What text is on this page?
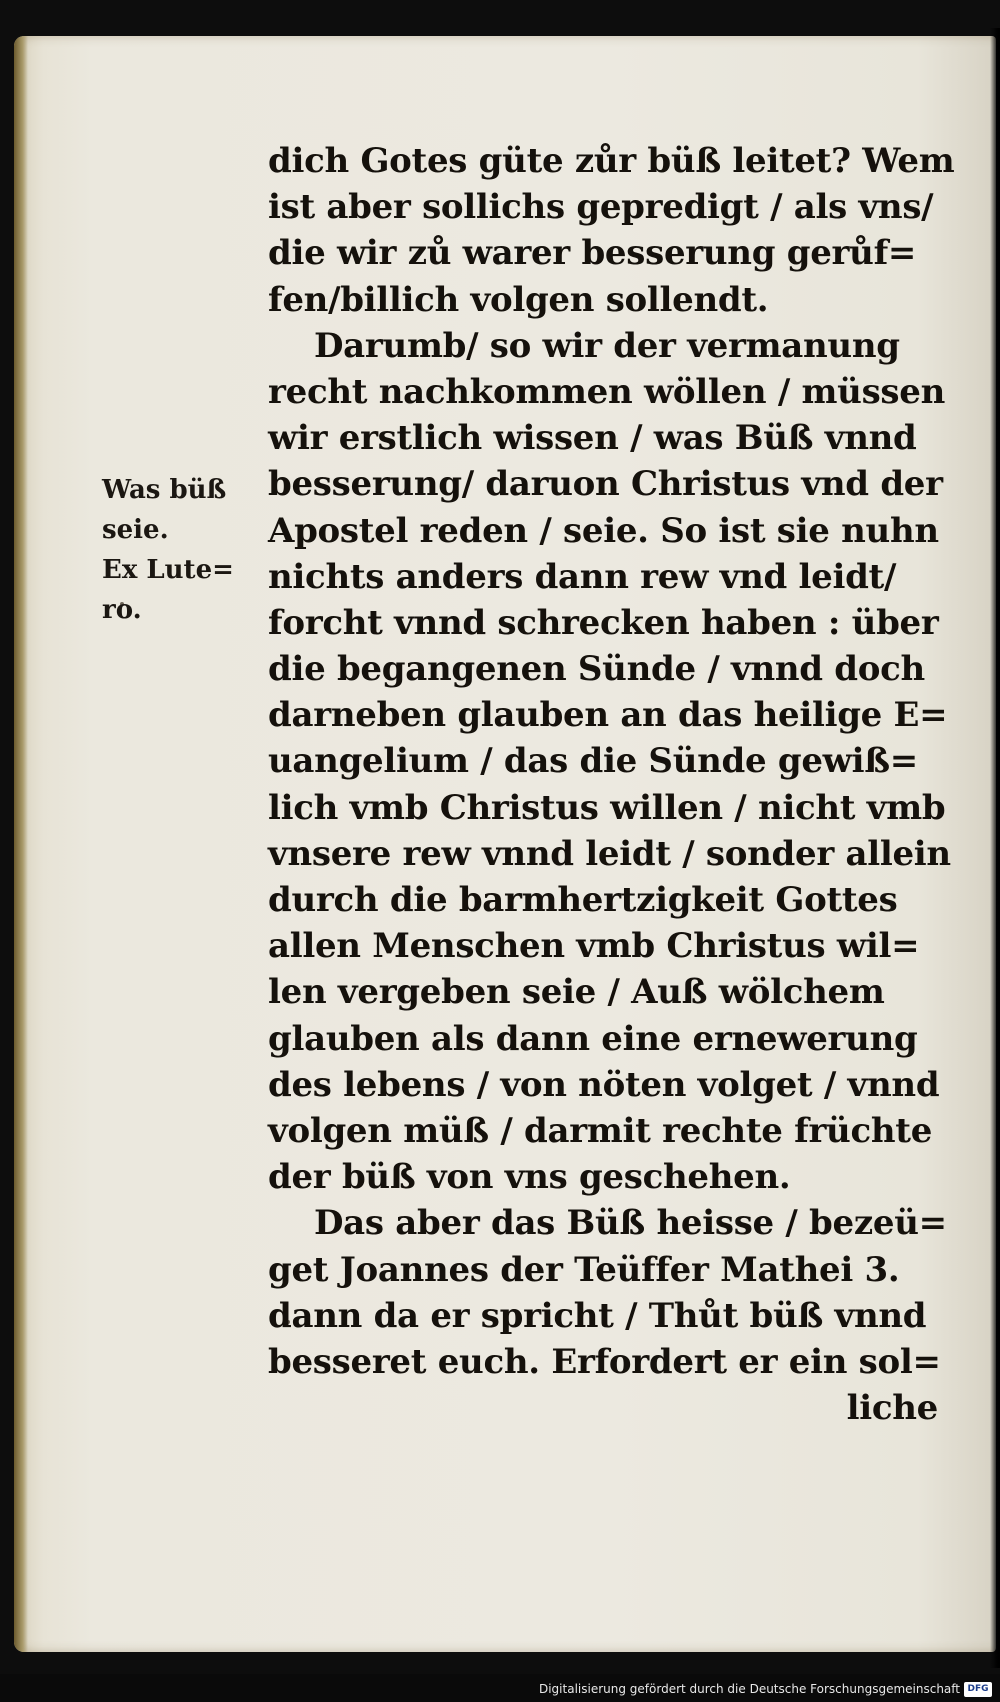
Was büß
seie.
Ex Lute=
ro.
dich Gotes güte zůr büß leitet? Wem
ist aber sollichs gepredigt / als vns/
die wir zů warer besserung gerůf=
fen/billich volgen sollendt.
Darumb/ so wir der vermanung
recht nachkommen wöllen / müssen
wir erstlich wissen / was Büß vnnd
besserung/ daruon Christus vnd der
Apostel reden / seie. So ist sie nuhn
nichts anders dann rew vnd leidt/
forcht vnnd schrecken haben : über
die begangenen Sünde / vnnd doch
darneben glauben an das heilige E=
uangelium / das die Sünde gewiß=
lich vmb Christus willen / nicht vmb
vnsere rew vnnd leidt / sonder allein
durch die barmhertzigkeit Gottes
allen Menschen vmb Christus wil=
len vergeben seie / Auß wölchem
glauben als dann eine ernewerung
des lebens / von nöten volget / vnnd
volgen müß / darmit rechte früchte
der büß von vns geschehen.
Das aber das Büß heisse / bezeü=
get Joannes der Teüffer Mathei 3.
dann da er spricht / Thůt büß vnnd
besseret euch. Erfordert er ein sol=
liche
Digitalisierung gefördert durch die Deutsche Forschungsgemeinschaft DFG
